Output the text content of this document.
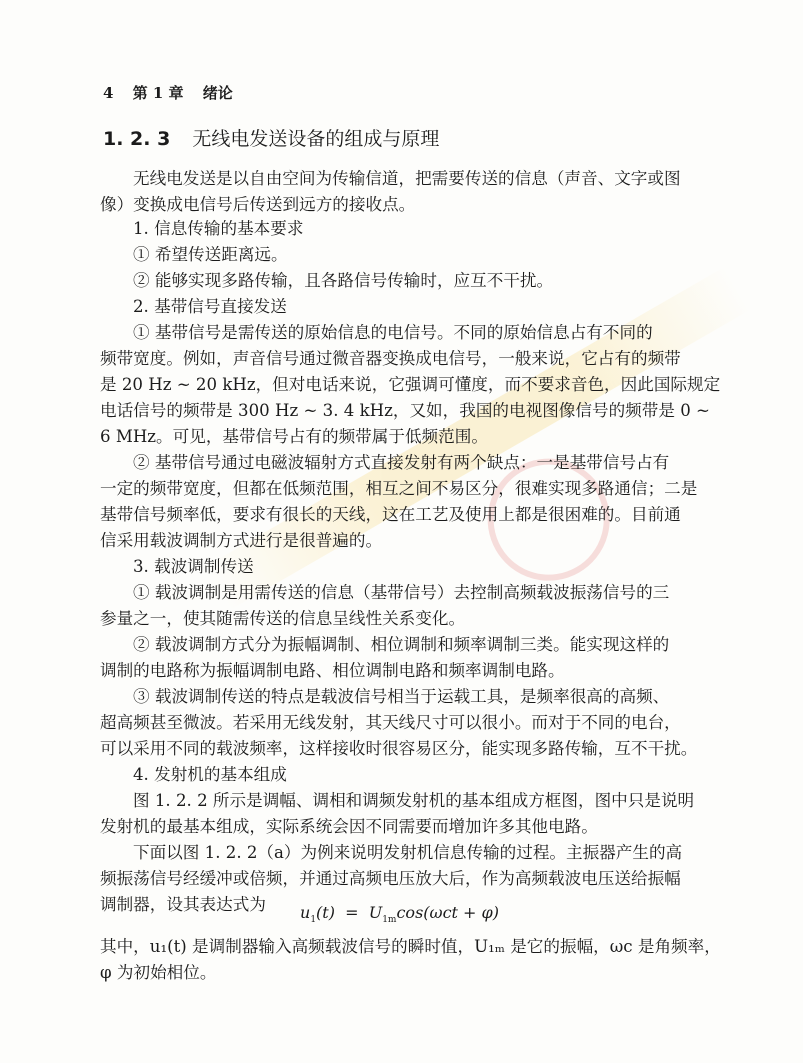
4 第 1 章 绪论
1. 2. 3 无线电发送设备的组成与原理
无线电发送是以自由空间为传输信道，把需要传送的信息（声音、文字或图
像）变换成电信号后传送到远方的接收点。
1. 信息传输的基本要求
① 希望传送距离远。
② 能够实现多路传输，且各路信号传输时，应互不干扰。
2. 基带信号直接发送
① 基带信号是需传送的原始信息的电信号。不同的原始信息占有不同的
频带宽度。例如，声音信号通过微音器变换成电信号，一般来说，它占有的频带
是 20 Hz ~ 20 kHz，但对电话来说，它强调可懂度，而不要求音色，因此国际规定
电话信号的频带是 300 Hz ~ 3. 4 kHz，又如，我国的电视图像信号的频带是 0 ~
6 MHz。可见，基带信号占有的频带属于低频范围。
② 基带信号通过电磁波辐射方式直接发射有两个缺点：一是基带信号占有
一定的频带宽度，但都在低频范围，相互之间不易区分，很难实现多路通信；二是
基带信号频率低，要求有很长的天线，这在工艺及使用上都是很困难的。目前通
信采用载波调制方式进行是很普遍的。
3. 载波调制传送
① 载波调制是用需传送的信息（基带信号）去控制高频载波振荡信号的三
参量之一，使其随需传送的信息呈线性关系变化。
② 载波调制方式分为振幅调制、相位调制和频率调制三类。能实现这样的
调制的电路称为振幅调制电路、相位调制电路和频率调制电路。
③ 载波调制传送的特点是载波信号相当于运载工具，是频率很高的高频、
超高频甚至微波。若采用无线发射，其天线尺寸可以很小。而对于不同的电台，
可以采用不同的载波频率，这样接收时很容易区分，能实现多路传输，互不干扰。
4. 发射机的基本组成
图 1. 2. 2 所示是调幅、调相和调频发射机的基本组成方框图，图中只是说明
发射机的最基本组成，实际系统会因不同需要而增加许多其他电路。
下面以图 1. 2. 2（a）为例来说明发射机信息传输的过程。主振器产生的高
频振荡信号经缓冲或倍频，并通过高频电压放大后，作为高频载波电压送给振幅
调制器，设其表达式为
其中，u₁(t) 是调制器输入高频载波信号的瞬时值，U₁ₘ 是它的振幅，ωc 是角频率，
φ 为初始相位。
$u_1(t) = U_{1m}\cos(\omega ct + \varphi)$
